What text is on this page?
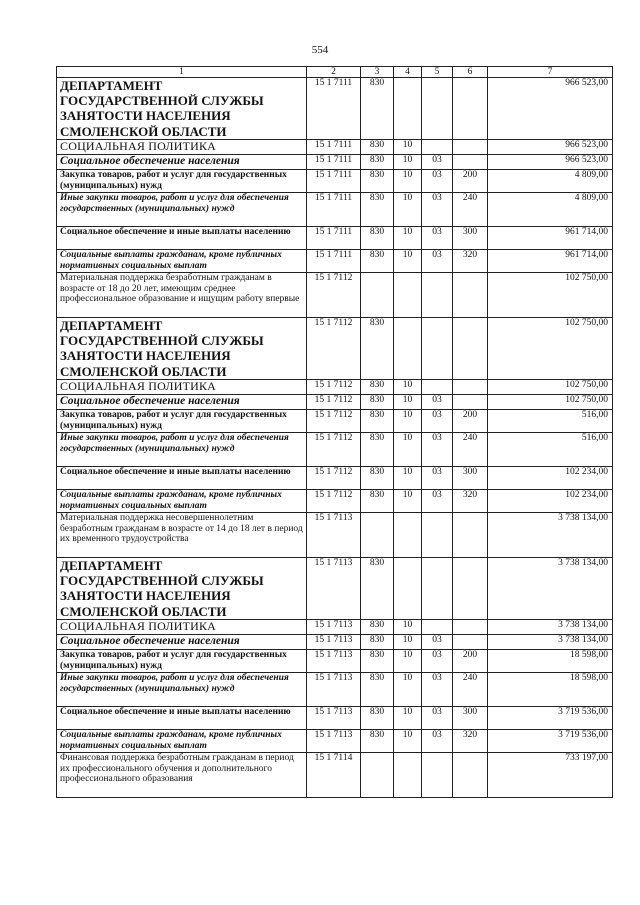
554
1	2	3	4	5	6	7
ДЕПАРТАМЕНТ ГОСУДАРСТВЕННОЙ СЛУЖБЫ ЗАНЯТОСТИ НАСЕЛЕНИЯ СМОЛЕНСКОЙ ОБЛАСТИ	15 1 7111	830				966 523,00
СОЦИАЛЬНАЯ ПОЛИТИКА	15 1 7111	830	10			966 523,00
Социальное обеспечение населения	15 1 7111	830	10	03		966 523,00
Закупка товаров, работ и услуг для государственных (муниципальных) нужд	15 1 7111	830	10	03	200	4 809,00
Иные закупки товаров, работ и услуг для обеспечения государственных (муниципальных) нужд	15 1 7111	830	10	03	240	4 809,00
Социальное обеспечение и иные выплаты населению	15 1 7111	830	10	03	300	961 714,00
Социальные выплаты гражданам, кроме публичных нормативных социальных выплат	15 1 7111	830	10	03	320	961 714,00
Материальная поддержка безработным гражданам в возрасте от 18 до 20 лет, имеющим среднее профессиональное образование и ищущим работу впервые	15 1 7112					102 750,00
ДЕПАРТАМЕНТ ГОСУДАРСТВЕННОЙ СЛУЖБЫ ЗАНЯТОСТИ НАСЕЛЕНИЯ СМОЛЕНСКОЙ ОБЛАСТИ	15 1 7112	830				102 750,00
СОЦИАЛЬНАЯ ПОЛИТИКА	15 1 7112	830	10			102 750,00
Социальное обеспечение населения	15 1 7112	830	10	03		102 750,00
Закупка товаров, работ и услуг для государственных (муниципальных) нужд	15 1 7112	830	10	03	200	516,00
Иные закупки товаров, работ и услуг для обеспечения государственных (муниципальных) нужд	15 1 7112	830	10	03	240	516,00
Социальное обеспечение и иные выплаты населению	15 1 7112	830	10	03	300	102 234,00
Социальные выплаты гражданам, кроме публичных нормативных социальных выплат	15 1 7112	830	10	03	320	102 234,00
Материальная поддержка несовершеннолетним безработным гражданам в возрасте от 14 до 18 лет в период их временного трудоустройства	15 1 7113					3 738 134,00
ДЕПАРТАМЕНТ ГОСУДАРСТВЕННОЙ СЛУЖБЫ ЗАНЯТОСТИ НАСЕЛЕНИЯ СМОЛЕНСКОЙ ОБЛАСТИ	15 1 7113	830				3 738 134,00
СОЦИАЛЬНАЯ ПОЛИТИКА	15 1 7113	830	10			3 738 134,00
Социальное обеспечение населения	15 1 7113	830	10	03		3 738 134,00
Закупка товаров, работ и услуг для государственных (муниципальных) нужд	15 1 7113	830	10	03	200	18 598,00
Иные закупки товаров, работ и услуг для обеспечения государственных (муниципальных) нужд	15 1 7113	830	10	03	240	18 598,00
Социальное обеспечение и иные выплаты населению	15 1 7113	830	10	03	300	3 719 536,00
Социальные выплаты гражданам, кроме публичных нормативных социальных выплат	15 1 7113	830	10	03	320	3 719 536,00
Финансовая поддержка безработным гражданам в период их профессионального обучения и дополнительного профессионального образования	15 1 7114					733 197,00
